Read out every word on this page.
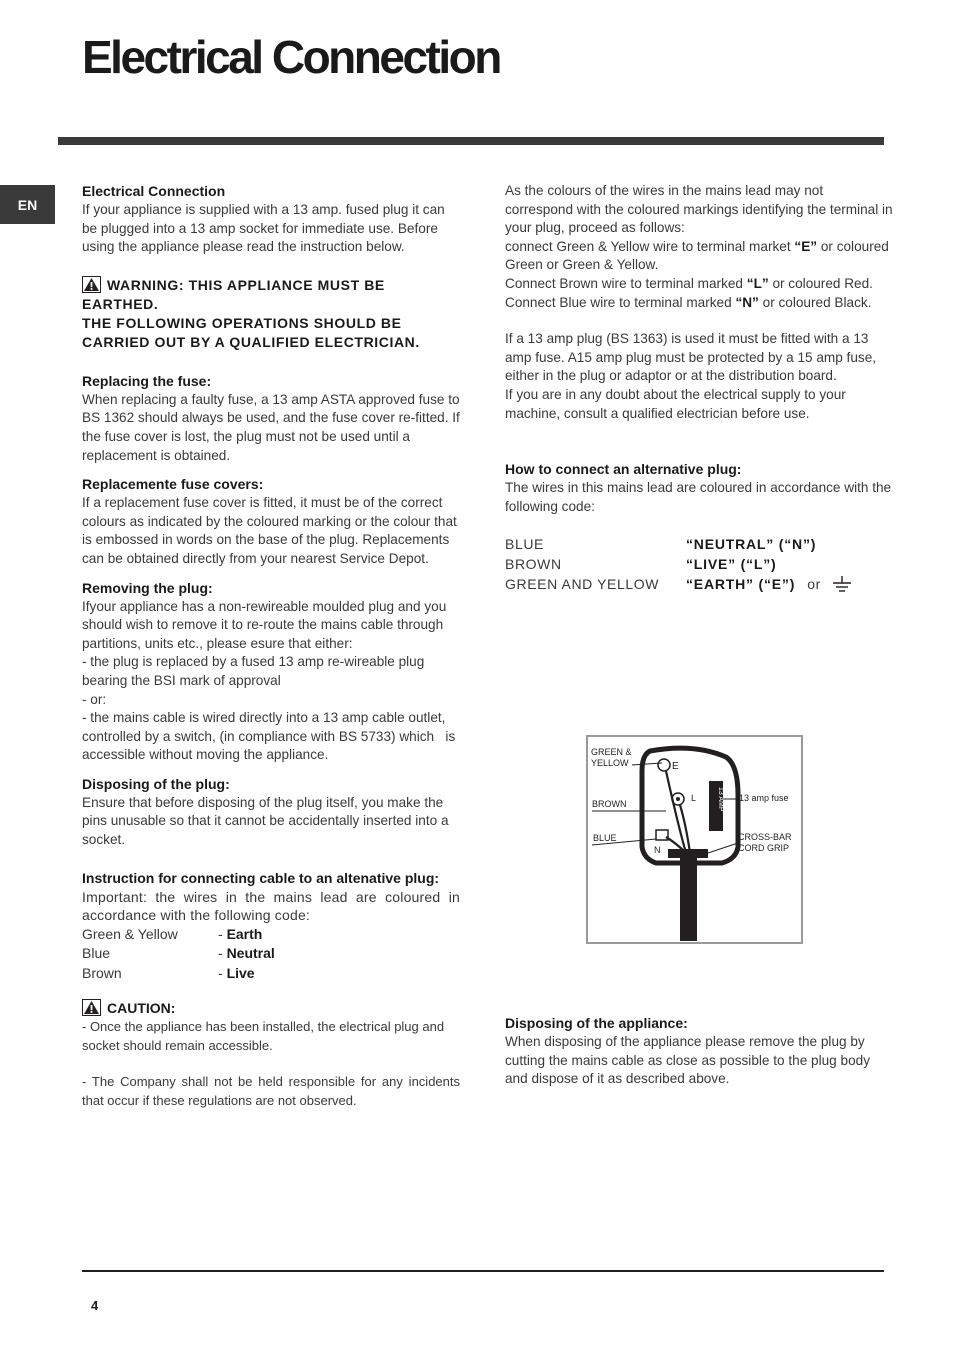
Electrical Connection
EN

Electrical Connection

If your appliance is supplied with a 13 amp. fused plug it can be plugged into a 13 amp socket for immediate use. Before using the appliance please read the instruction below.

WARNING: THIS APPLIANCE MUST BE EARTHED.

THE FOLLOWING OPERATIONS SHOULD BE CARRIED OUT BY A QUALIFIED ELECTRICIAN.

Replacing the fuse:

When replacing a faulty fuse, a 13 amp ASTA approved fuse to BS 1362 should always be used, and the fuse cover re-fitted. If the fuse cover is lost, the plug must not be used until a replacement is obtained.

Replacemente fuse covers:

If a replacement fuse cover is fitted, it must be of the correct colours as indicated by the coloured marking or the colour that is embossed in words on the base of the plug. Replacements can be obtained directly from your nearest Service Depot.

Removing the plug:

Ifyour appliance has a non-rewireable moulded plug and you should wish to remove it to re-route the mains cable through partitions, units etc., please esure that either:

- the plug is replaced by a fused 13 amp re-wireable plug     bearing the BSI mark of approval

- or:

- the mains cable is wired directly into a 13 amp cable outlet,   controlled by a switch, (in compliance with BS 5733) which   is accessible without moving the appliance.

Disposing of the plug:

Ensure that before disposing of the plug itself, you make the pins unusable so that it cannot be accidentally inserted into a socket.

Instruction for connecting cable to an altenative plug:

Important: the wires in the mains lead are coloured in accordance with the following code:

Green & Yellow	- Earth
Blue	- Neutral
Brown	- Live

CAUTION:

- Once the appliance has been installed, the electrical plug and socket should remain accessible.

- The Company shall not be held responsible for any incidents that occur if these regulations are not observed.

As the colours of the wires in the mains lead may not correspond with the coloured markings identifying the terminal in your plug, proceed as follows:

connect Green & Yellow wire to terminal market “E” or coloured Green or Green & Yellow.

Connect Brown wire to terminal marked “L” or coloured Red.

Connect Blue wire to terminal marked “N” or coloured Black.

If a 13 amp plug (BS 1363) is used it must be fitted with a 13 amp fuse. A15 amp plug must be protected by a 15 amp fuse, either in the plug or adaptor or at the distribution board.

If you are in any doubt about the electrical supply to your machine, consult a qualified electrician before use.

How to connect an alternative plug:

The wires in this mains lead are coloured in accordance with the following code:

BLUE	“NEUTRAL” (“N”)
BROWN	“LIVE” (“L”)
GREEN AND YELLOW	“EARTH” (“E”) or
13 AMP
E
L
N
GREEN &
YELLOW
BROWN
BLUE
13 amp fuse
CROSS-BAR
CORD GRIP

Disposing of the appliance:

When disposing of the appliance please remove the plug by cutting the mains cable as close as possible to the plug body and dispose of it as described above.

4
